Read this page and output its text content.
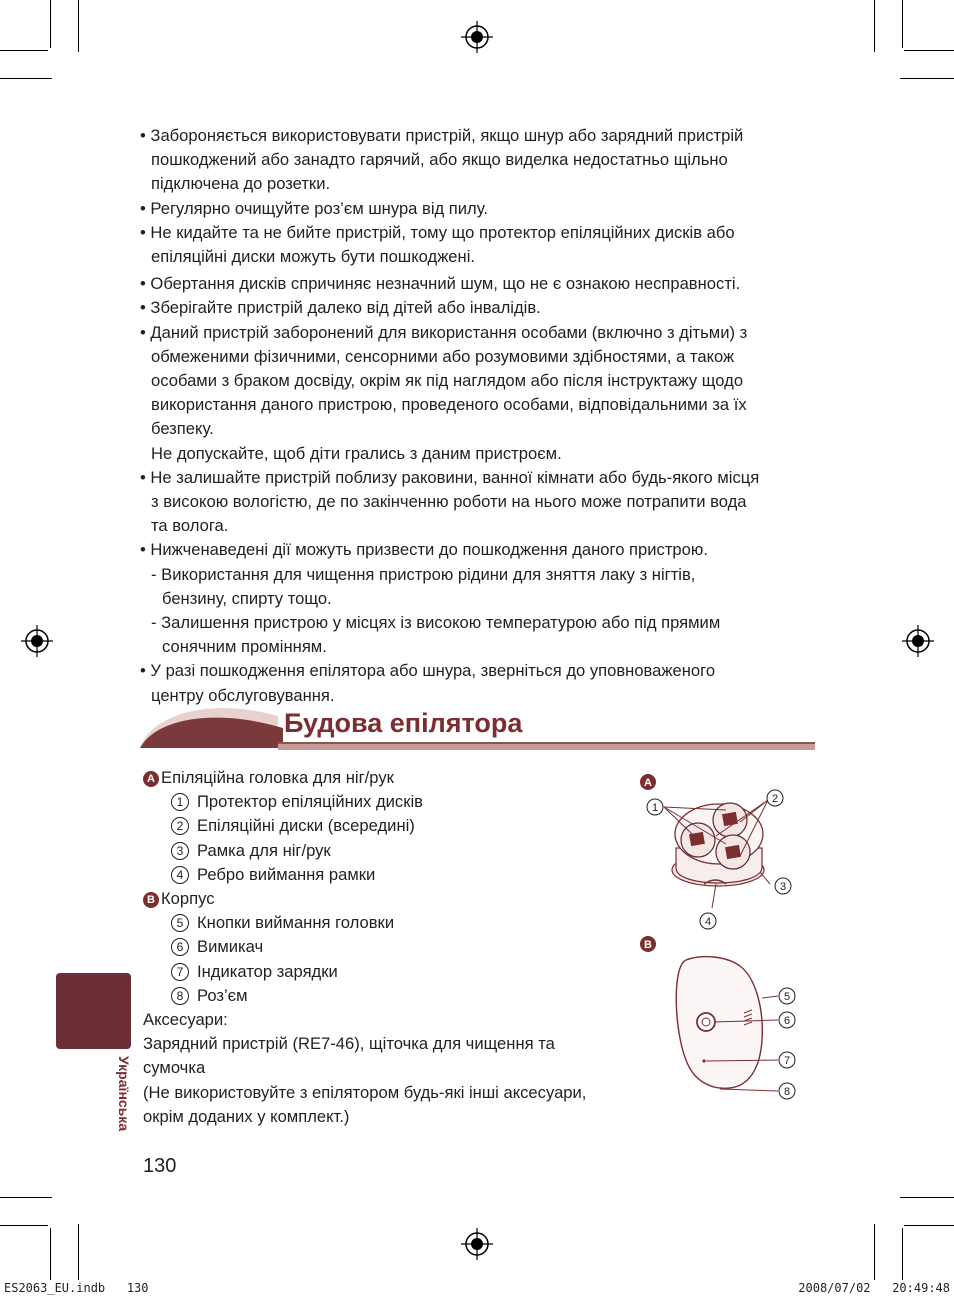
• Забороняється використовувати пристрій, якщо шнур або зарядний пристрій
пошкоджений або занадто гарячий, або якщо виделка недостатньо щільно
підключена до розетки.

• Регулярно очищуйте роз’єм шнура від пилу.

• Не кидайте та не бийте пристрій, тому що протектор епіляційних дисків або
епіляційні диски можуть бути пошкоджені.

• Обертання дисків спричиняє незначний шум, що не є ознакою несправності.

• Зберігайте пристрій далеко від дітей або інвалідів.

• Даний пристрій заборонений для використання особами (включно з дітьми) з
обмеженими фізичними, сенсорними або розумовими здібностями, а також
особами з браком досвіду, окрім як під наглядом або після інструктажу щодо
використання даного пристрою, проведеного особами, відповідальними за їх
безпеку.
Не допускайте, щоб діти грались з даним пристроєм.

• Не залишайте пристрій поблизу раковини, ванної кімнати або будь-якого місця
з високою вологістю, де по закінченню роботи на нього може потрапити вода
та волога.

• Нижченаведені дії можуть призвести до пошкодження даного пристрою.

- Використання для чищення пристрою рідини для зняття лаку з нігтів,
бензину, спирту тощо.

- Залишення пристрою у місцях із високою температурою або під прямим
сонячним промінням.

• У разі пошкодження епілятора або шнура, зверніться до уповноваженого
центру обслуговування.

Будова епілятора
A Епіляційна головка для ніг/рук
1 Протектор епіляційних дисків
2 Епіляційні диски (всередині)
3 Рамка для ніг/рук
4 Ребро виймання рамки
B Корпус
5 Кнопки виймання головки
6 Вимикач
7 Індикатор зарядки
8 Роз’єм
Аксесуари:
Зарядний пристрій (RE7-46), щіточка для чищення та
сумочка
(Не використовуйте з епілятором будь-які інші аксесуари,
окрім доданих у комплект.)
A
1
2
3
4
B
5
6
7
8
Українська
130
ES2063_EU.indb   130	2008/07/02   20:49:48
